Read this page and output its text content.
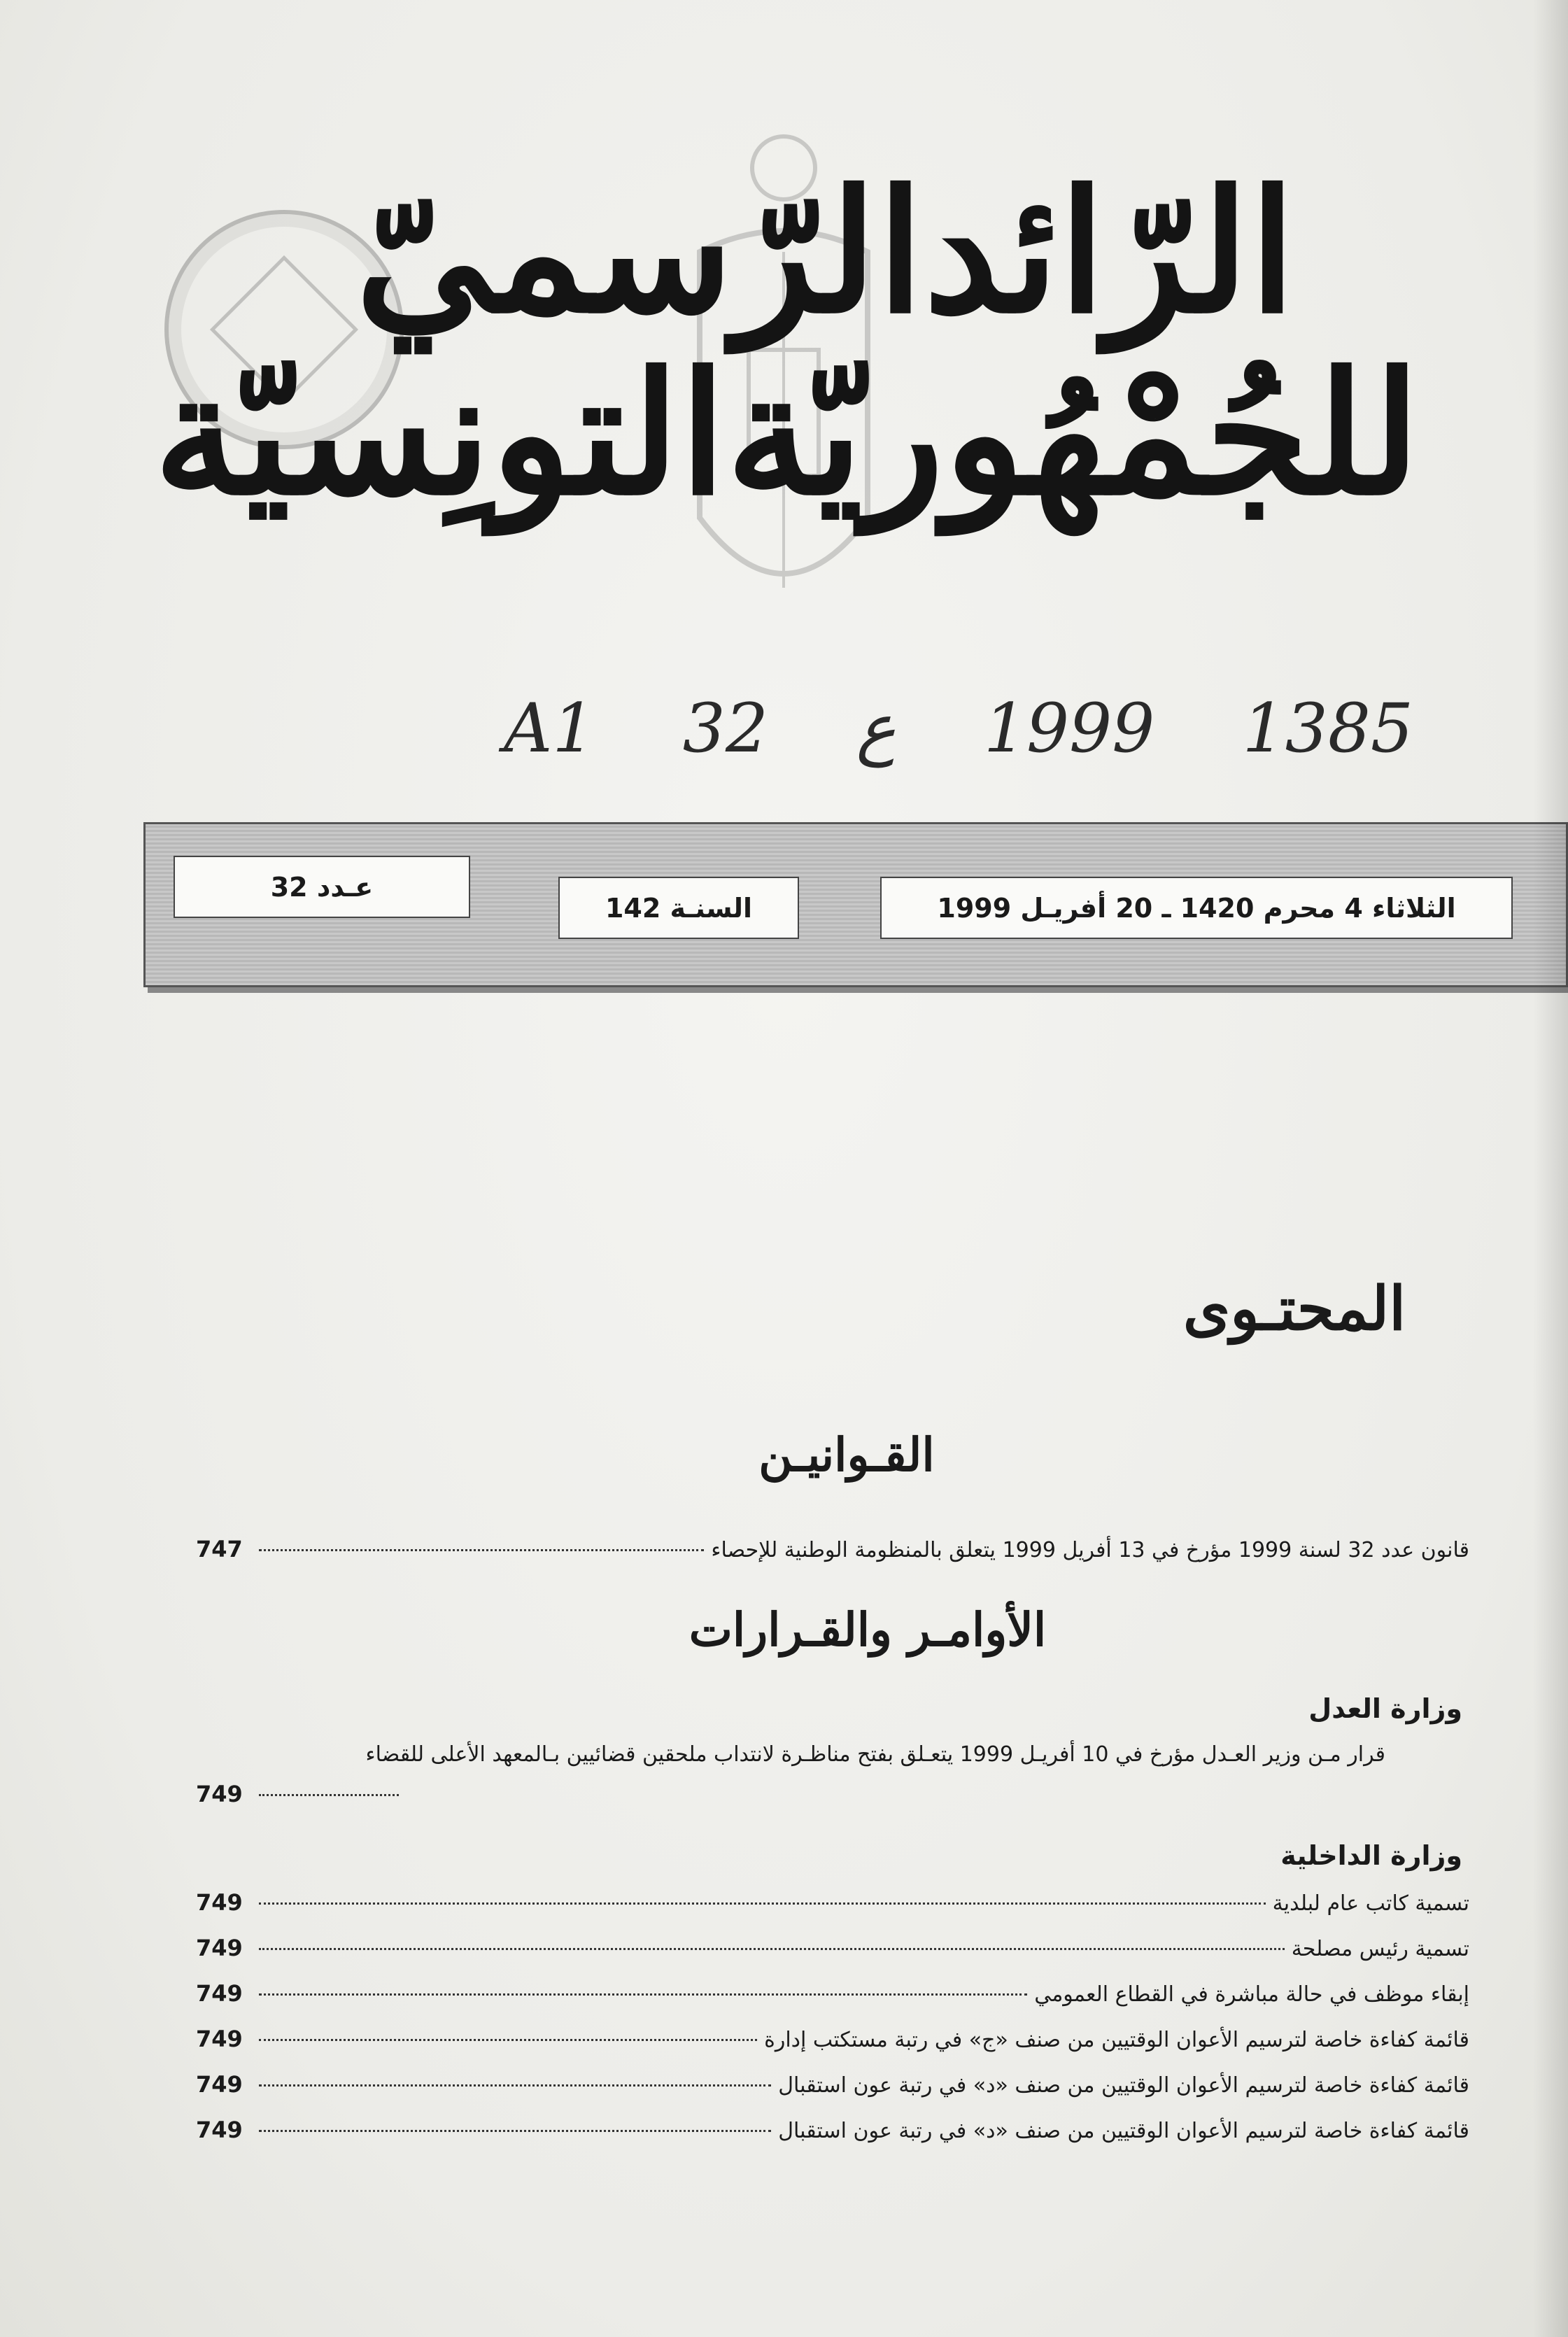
الرّائدالرّسميّ
للجُمْهُوريّةالتونِسيّة
A1 32 ع 1999 1385
الثلاثاء 4 محرم 1420 ـ 20 أفريـل 1999
السنـة 142
عـدد 32
المحتـوى
القـوانيـن
قانون عدد 32 لسنة 1999 مؤرخ في 13 أفريل 1999 يتعلق بالمنظومة الوطنية للإحصاء
747
الأوامـر والقـرارات
وزارة العدل
قرار مـن وزير العـدل مؤرخ في 10 أفريـل 1999 يتعـلق بفتح مناظـرة لانتداب ملحقين قضائيين بـالمعهد الأعلى للقضاء
749
وزارة الداخلية
تسمية كاتب عام لبلدية
749
تسمية رئيس مصلحة
749
إبقاء موظف في حالة مباشرة في القطاع العمومي
749
قائمة كفاءة خاصة لترسيم الأعوان الوقتيين من صنف «ج» في رتبة مستكتب إدارة
749
قائمة كفاءة خاصة لترسيم الأعوان الوقتيين من صنف «د» في رتبة عون استقبال
749
قائمة كفاءة خاصة لترسيم الأعوان الوقتيين من صنف «د» في رتبة عون استقبال
749
